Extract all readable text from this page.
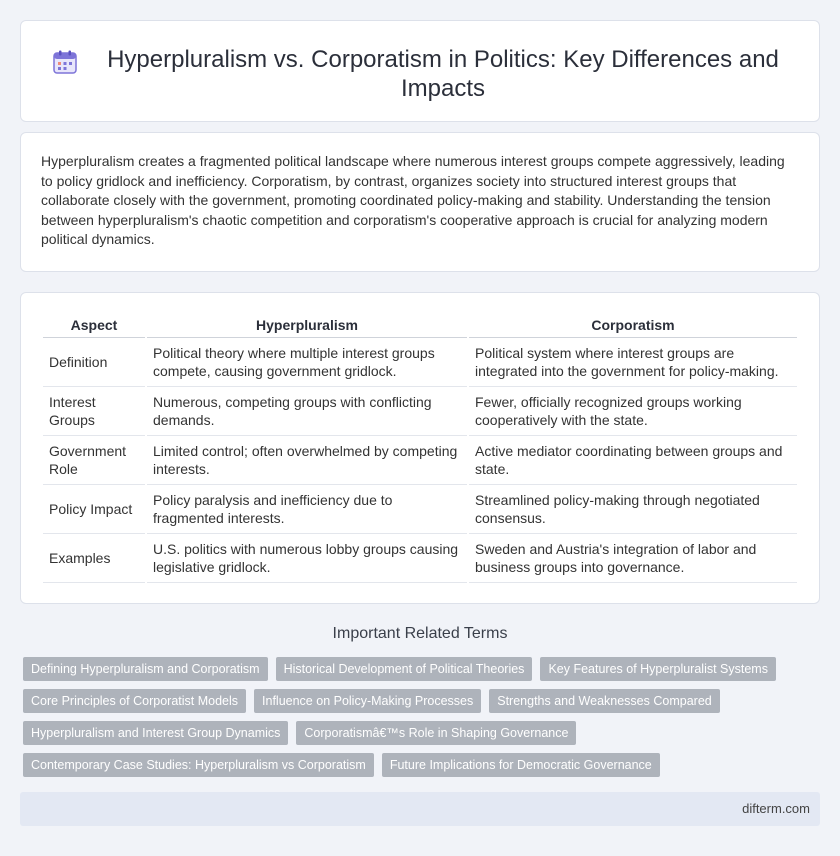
Hyperpluralism vs. Corporatism in Politics: Key Differences and Impacts

Hyperpluralism creates a fragmented political landscape where numerous interest groups compete aggressively, leading to policy gridlock and inefficiency. Corporatism, by contrast, organizes society into structured interest groups that collaborate closely with the government, promoting coordinated policy-making and stability. Understanding the tension between hyperpluralism's chaotic competition and corporatism's cooperative approach is crucial for analyzing modern political dynamics.

Aspect	Hyperpluralism	Corporatism
Definition	Political theory where multiple interest groups compete, causing government gridlock.	Political system where interest groups are integrated into the government for policy-making.
Interest Groups	Numerous, competing groups with conflicting demands.	Fewer, officially recognized groups working cooperatively with the state.
Government Role	Limited control; often overwhelmed by competing interests.	Active mediator coordinating between groups and state.
Policy Impact	Policy paralysis and inefficiency due to fragmented interests.	Streamlined policy-making through negotiated consensus.
Examples	U.S. politics with numerous lobby groups causing legislative gridlock.	Sweden and Austria's integration of labor and business groups into governance.
Important Related Terms
Defining Hyperpluralism and Corporatism	Historical Development of Political Theories	Key Features of Hyperpluralist Systems
Core Principles of Corporatist Models	Influence on Policy-Making Processes	Strengths and Weaknesses Compared
Hyperpluralism and Interest Group Dynamics	Corporatismâ€™s Role in Shaping Governance
Contemporary Case Studies: Hyperpluralism vs Corporatism	Future Implications for Democratic Governance
difterm.com
